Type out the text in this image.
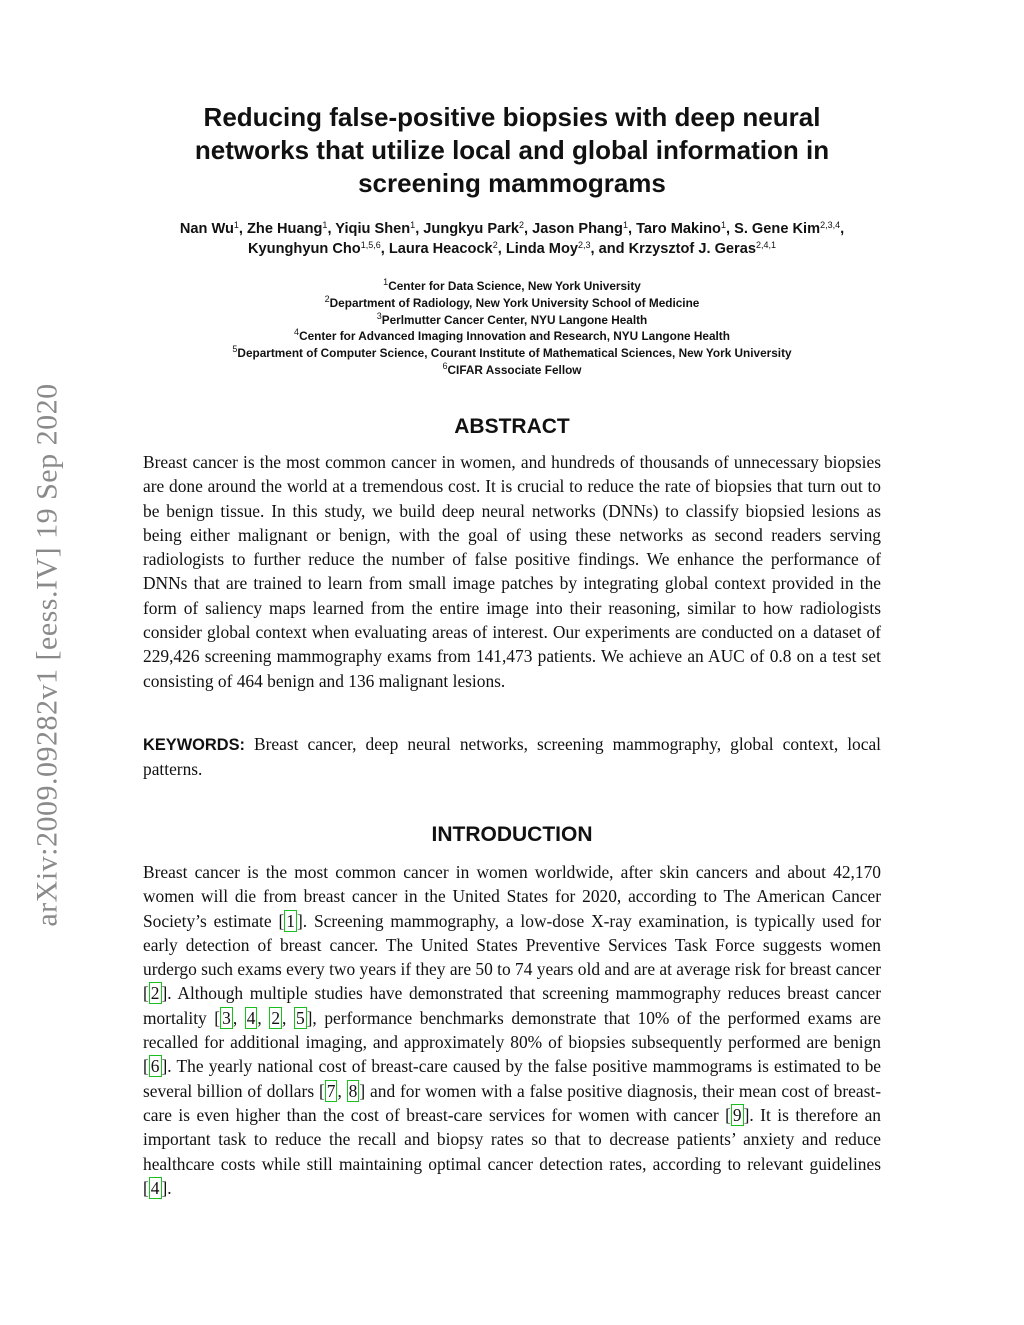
arXiv:2009.09282v1 [eess.IV] 19 Sep 2020
Reducing false-positive biopsies with deep neural networks that utilize local and global information in screening mammograms
Nan Wu$^1$, Zhe Huang$^1$, Yiqiu Shen$^1$, Jungkyu Park$^2$, Jason Phang$^1$, Taro Makino$^1$, S. Gene Kim$^{2,3,4}$, Kyunghyun Cho$^{1,5,6}$, Laura Heacock$^2$, Linda Moy$^{2,3}$, and Krzysztof J. Geras$^{2,4,1}$
$^1$Center for Data Science, New York University
$^2$Department of Radiology, New York University School of Medicine
$^3$Perlmutter Cancer Center, NYU Langone Health
$^4$Center for Advanced Imaging Innovation and Research, NYU Langone Health
$^5$Department of Computer Science, Courant Institute of Mathematical Sciences, New York University
$^6$CIFAR Associate Fellow
ABSTRACT

Breast cancer is the most common cancer in women, and hundreds of thousands of unnecessary biopsies are done around the world at a tremendous cost. It is crucial to reduce the rate of biopsies that turn out to be benign tissue. In this study, we build deep neural networks (DNNs) to classify biopsied lesions as being either malignant or benign, with the goal of using these networks as second readers serving radiologists to further reduce the number of false positive findings. We enhance the performance of DNNs that are trained to learn from small image patches by integrating global context provided in the form of saliency maps learned from the entire image into their reasoning, similar to how radiologists consider global context when evaluating areas of interest. Our experiments are conducted on a dataset of 229,426 screening mammography exams from 141,473 patients. We achieve an AUC of 0.8 on a test set consisting of 464 benign and 136 malignant lesions.

KEYWORDS: Breast cancer, deep neural networks, screening mammography, global context, local patterns.

INTRODUCTION

Breast cancer is the most common cancer in women worldwide, after skin cancers and about 42,170 women will die from breast cancer in the United States for 2020, according to The American Cancer Society’s estimate [ 1 ]. Screening mammography, a low-dose X-ray examination, is typically used for early detection of breast cancer. The United States Preventive Services Task Force suggests women urdergo such exams every two years if they are 50 to 74 years old and are at average risk for breast cancer [ 2 ]. Although multiple studies have demonstrated that screening mammography reduces breast cancer mortality [ 3 , 4 , 2 , 5 ], performance benchmarks demonstrate that 10% of the performed exams are recalled for additional imaging, and approximately 80% of biopsies subsequently performed are benign [ 6 ]. The yearly national cost of breast-care caused by the false positive mammograms is estimated to be several billion of dollars [ 7 , 8 ] and for women with a false positive diagnosis, their mean cost of breast-care is even higher than the cost of breast-care services for women with cancer [ 9 ]. It is therefore an important task to reduce the recall and biopsy rates so that to decrease patients’ anxiety and reduce healthcare costs while still maintaining optimal cancer detection rates, according to relevant guidelines [ 4 ].
